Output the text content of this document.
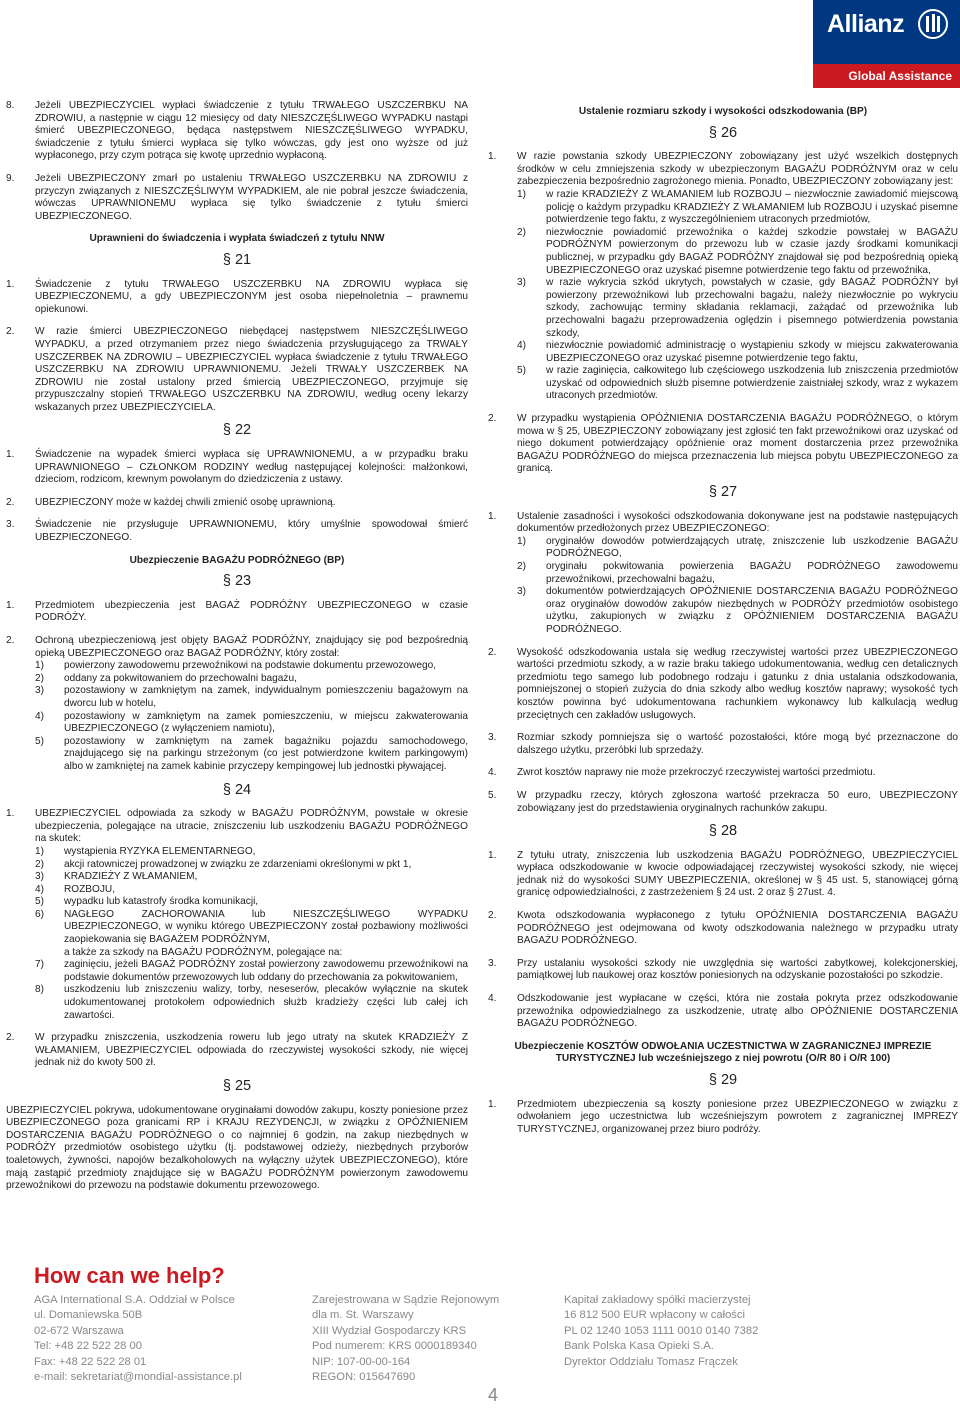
Allianz
Global Assistance
8.	Jeżeli UBEZPIECZYCIEL wypłaci świadczenie z tytułu TRWAŁEGO USZCZERBKU NA ZDROWIU, a następnie w ciągu 12 miesięcy od daty NIESZCZĘŚLIWEGO WYPADKU nastąpi śmierć UBEZPIECZONEGO, będąca następstwem NIESZCZĘŚLIWEGO WYPADKU, świadczenie z tytułu śmierci wypłaca się tylko wówczas, gdy jest ono wyższe od już wypłaconego, przy czym potrąca się kwotę uprzednio wypłaconą.
9.	Jeżeli UBEZPIECZONY zmarł po ustaleniu TRWAŁEGO USZCZERBKU NA ZDROWIU z przyczyn związanych z NIESZCZĘŚLIWYM WYPADKIEM, ale nie pobrał jeszcze świadczenia, wówczas UPRAWNIONEMU wypłaca się tylko świadczenie z tytułu śmierci UBEZPIECZONEGO.
Uprawnieni do świadczenia i wypłata świadczeń z tytułu NNW
§ 21
1.	Świadczenie z tytułu TRWAŁEGO USZCZERBKU NA ZDROWIU wypłaca się UBEZPIECZONEMU, a gdy UBEZPIECZONYM jest osoba niepełnoletnia – prawnemu opiekunowi.
2.	W razie śmierci UBEZPIECZONEGO niebędącej następstwem NIESZCZĘŚLIWEGO WYPADKU, a przed otrzymaniem przez niego świadczenia przysługującego za TRWAŁY USZCZERBEK NA ZDROWIU – UBEZPIECZYCIEL wypłaca świadczenie z tytułu TRWAŁEGO USZCZERBKU NA ZDROWIU UPRAWNIONEMU. Jeżeli TRWAŁY USZCZERBEK NA ZDROWIU nie został ustalony przed śmiercią UBEZPIECZONEGO, przyjmuje się przypuszczalny stopień TRWAŁEGO USZCZERBKU NA ZDROWIU, według oceny lekarzy wskazanych przez UBEZPIECZYCIELA.
§ 22
1.	Świadczenie na wypadek śmierci wypłaca się UPRAWNIONEMU, a w przypadku braku UPRAWNIONEGO – CZŁONKOM RODZINY według następującej kolejności: małżonkowi, dzieciom, rodzicom, krewnym powołanym do dziedziczenia z ustawy.
2.	UBEZPIECZONY może w każdej chwili zmienić osobę uprawnioną.
3.	Świadczenie nie przysługuje UPRAWNIONEMU, który umyślnie spowodował śmierć UBEZPIECZONEGO.
Ubezpieczenie BAGAŻU PODRÓŻNEGO (BP)
§ 23
1.	Przedmiotem ubezpieczenia jest BAGAŻ PODRÓŻNY UBEZPIECZONEGO w czasie PODRÓŻY.
2.	Ochroną ubezpieczeniową jest objęty BAGAŻ PODRÓŻNY, znajdujący się pod bezpośrednią opieką UBEZPIECZONEGO oraz BAGAŻ PODRÓŻNY, który został:

1)	powierzony zawodowemu przewoźnikowi na podstawie dokumentu przewozowego,
2)	oddany za pokwitowaniem do przechowalni bagażu,
3)	pozostawiony w zamkniętym na zamek, indywidualnym pomieszczeniu bagażowym na dworcu lub w hotelu,
4)	pozostawiony w zamkniętym na zamek pomieszczeniu, w miejscu zakwaterowania UBEZPIECZONEGO (z wyłączeniem namiotu),
5)	pozostawiony w zamkniętym na zamek bagażniku pojazdu samochodowego, znajdującego się na parkingu strzeżonym (co jest potwierdzone kwitem parkingowym) albo w zamkniętej na zamek kabinie przyczepy kempingowej lub jednostki pływającej.
§ 24
1.	UBEZPIECZYCIEL odpowiada za szkody w BAGAŻU PODRÓŻNYM, powstałe w okresie ubezpieczenia, polegające na utracie, zniszczeniu lub uszkodzeniu BAGAŻU PODRÓŻNEGO na skutek:

1)	wystąpienia RYZYKA ELEMENTARNEGO,
2)	akcji ratowniczej prowadzonej w związku ze zdarzeniami określonymi w pkt 1,
3)	KRADZIEŻY Z WŁAMANIEM,
4)	ROZBOJU,
5)	wypadku lub katastrofy środka komunikacji,
6)	NAGŁEGO ZACHOROWANIA lub NIESZCZĘŚLIWEGO WYPADKU UBEZPIECZONEGO, w wyniku którego UBEZPIECZONY został pozbawiony możliwości zaopiekowania się BAGAŻEM PODRÓŻNYM,
a także za szkody na BAGAŻU PODRÓŻNYM, polegające na:
7)	zaginięciu, jeżeli BAGAŻ PODRÓŻNY został powierzony zawodowemu przewoźnikowi na podstawie dokumentów przewozowych lub oddany do przechowania za pokwitowaniem,
8)	uszkodzeniu lub zniszczeniu walizy, torby, neseserów, plecaków wyłącznie na skutek udokumentowanej protokołem odpowiednich służb kradzieży części lub całej ich zawartości.
2.	W przypadku zniszczenia, uszkodzenia roweru lub jego utraty na skutek KRADZIEŻY Z WŁAMANIEM, UBEZPIECZYCIEL odpowiada do rzeczywistej wysokości szkody, nie więcej jednak niż do kwoty 500 zł.
§ 25
UBEZPIECZYCIEL pokrywa, udokumentowane oryginałami dowodów zakupu, koszty poniesione przez UBEZPIECZONEGO poza granicami RP i KRAJU REZYDENCJI, w związku z OPÓŹNIENIEM DOSTARCZENIA BAGAŻU PODRÓŻNEGO o co najmniej 6 godzin, na zakup niezbędnych w PODRÓŻY przedmiotów osobistego użytku (tj. podstawowej odzieży, niezbędnych przyborów toaletowych, żywności, napojów bezalkoholowych na wyłączny użytek UBEZPIECZONEGO), które mają zastąpić przedmioty znajdujące się w BAGAŻU PODRÓŻNYM powierzonym zawodowemu przewoźnikowi do przewozu na podstawie dokumentu przewozowego.
Ustalenie rozmiaru szkody i wysokości odszkodowania (BP)
§ 26
1.	W razie powstania szkody UBEZPIECZONY zobowiązany jest użyć wszelkich dostępnych środków w celu zmniejszenia szkody w ubezpieczonym BAGAŻU PODRÓŻNYM oraz w celu zabezpieczenia bezpośrednio zagrożonego mienia. Ponadto, UBEZPIECZONY zobowiązany jest:

1)	w razie KRADZIEŻY Z WŁAMANIEM lub ROZBOJU – niezwłocznie zawiadomić miejscową policję o każdym przypadku KRADZIEŻY Z WŁAMANIEM lub ROZBOJU i uzyskać pisemne potwierdzenie tego faktu, z wyszczególnieniem utraconych przedmiotów,
2)	niezwłocznie powiadomić przewoźnika o każdej szkodzie powstałej w BAGAŻU PODRÓŻNYM powierzonym do przewozu lub w czasie jazdy środkami komunikacji publicznej, w przypadku gdy BAGAŻ PODRÓŻNY znajdował się pod bezpośrednią opieką UBEZPIECZONEGO oraz uzyskać pisemne potwierdzenie tego faktu od przewoźnika,
3)	w razie wykrycia szkód ukrytych, powstałych w czasie, gdy BAGAŻ PODRÓŻNY był powierzony przewoźnikowi lub przechowalni bagażu, należy niezwłocznie po wykryciu szkody, zachowując terminy składania reklamacji, zażądać od przewoźnika lub przechowalni bagażu przeprowadzenia oględzin i pisemnego potwierdzenia powstania szkody,
4)	niezwłocznie powiadomić administrację o wystąpieniu szkody w miejscu zakwaterowania UBEZPIECZONEGO oraz uzyskać pisemne potwierdzenie tego faktu,
5)	w razie zaginięcia, całkowitego lub częściowego uszkodzenia lub zniszczenia przedmiotów uzyskać od odpowiednich służb pisemne potwierdzenie zaistniałej szkody, wraz z wykazem utraconych przedmiotów.
2.	W przypadku wystąpienia OPÓŹNIENIA DOSTARCZENIA BAGAŻU PODRÓŻNEGO, o którym mowa w § 25, UBEZPIECZONY zobowiązany jest zgłosić ten fakt przewoźnikowi oraz uzyskać od niego dokument potwierdzający opóźnienie oraz moment dostarczenia przez przewoźnika BAGAŻU PODRÓŻNEGO do miejsca przeznaczenia lub miejsca pobytu UBEZPIECZONEGO za granicą.
§ 27
1.	Ustalenie zasadności i wysokości odszkodowania dokonywane jest na podstawie następujących dokumentów przedłożonych przez UBEZPIECZONEGO:

1)	oryginałów dowodów potwierdzających utratę, zniszczenie lub uszkodzenie BAGAŻU PODRÓŻNEGO,
2)	oryginału pokwitowania powierzenia BAGAŻU PODRÓŻNEGO zawodowemu przewoźnikowi, przechowalni bagażu,
3)	dokumentów potwierdzających OPÓŹNIENIE DOSTARCZENIA BAGAŻU PODRÓŻNEGO oraz oryginałów dowodów zakupów niezbędnych w PODRÓŻY przedmiotów osobistego użytku, zakupionych w związku z OPÓŹNIENIEM DOSTARCZENIA BAGAŻU PODRÓŻNEGO.
2.	Wysokość odszkodowania ustala się według rzeczywistej wartości przez UBEZPIECZONEGO wartości przedmiotu szkody, a w razie braku takiego udokumentowania, według cen detalicznych przedmiotu tego samego lub podobnego rodzaju i gatunku z dnia ustalania odszkodowania, pomniejszonej o stopień zużycia do dnia szkody albo według kosztów naprawy; wysokość tych kosztów powinna być udokumentowana rachunkiem wykonawcy lub kalkulacją według przeciętnych cen zakładów usługowych.
3.	Rozmiar szkody pomniejsza się o wartość pozostałości, które mogą być przeznaczone do dalszego użytku, przeróbki lub sprzedaży.
4.	Zwrot kosztów naprawy nie może przekroczyć rzeczywistej wartości przedmiotu.
5.	W przypadku rzeczy, których zgłoszona wartość przekracza 50 euro, UBEZPIECZONY zobowiązany jest do przedstawienia oryginalnych rachunków zakupu.
§ 28
1.	Z tytułu utraty, zniszczenia lub uszkodzenia BAGAŻU PODRÓŻNEGO, UBEZPIECZYCIEL wypłaca odszkodowanie w kwocie odpowiadającej rzeczywistej wysokości szkody, nie więcej jednak niż do wysokości SUMY UBEZPIECZENIA, określonej w § 45 ust. 5, stanowiącej górną granicę odpowiedzialności, z zastrzeżeniem § 24 ust. 2 oraz § 27ust. 4.
2.	Kwota odszkodowania wypłaconego z tytułu OPÓŹNIENIA DOSTARCZENIA BAGAŻU PODRÓŻNEGO jest odejmowana od kwoty odszkodowania należnego w przypadku utraty BAGAŻU PODRÓŻNEGO.
3.	Przy ustalaniu wysokości szkody nie uwzględnia się wartości zabytkowej, kolekcjonerskiej, pamiątkowej lub naukowej oraz kosztów poniesionych na odzyskanie pozostałości po szkodzie.
4.	Odszkodowanie jest wypłacane w części, która nie została pokryta przez odszkodowanie przewoźnika odpowiedzialnego za uszkodzenie, utratę albo OPÓŹNIENIE DOSTARCZENIA BAGAŻU PODRÓŻNEGO.
Ubezpieczenie KOSZTÓW ODWOŁANIA UCZESTNICTWA W ZAGRANICZNEJ IMPREZIE TURYSTYCZNEJ lub wcześniejszego z niej powrotu (O/R 80 i O/R 100)
§ 29
1.	Przedmiotem ubezpieczenia są koszty poniesione przez UBEZPIECZONEGO w związku z odwołaniem jego uczestnictwa lub wcześniejszym powrotem z zagranicznej IMPREZY TURYSTYCZNEJ, organizowanej przez biuro podróży.
How can we help?
AGA International S.A. Oddział w Polsce
ul. Domaniewska 50B
02-672 Warszawa
Tel: +48 22 522 28 00
Fax: +48 22 522 28 01
e-mail: sekretariat@mondial-assistance.pl
Zarejestrowana w Sądzie Rejonowym
dla m. St. Warszawy
XIII Wydział Gospodarczy KRS
Pod numerem: KRS 0000189340
NIP: 107-00-00-164
REGON: 015647690
Kapitał zakładowy spółki macierzystej
16 812 500 EUR wpłacony w całości
PL 02 1240 1053 1111 0010 0140 7382
Bank Polska Kasa Opieki S.A.
Dyrektor Oddziału Tomasz Frączek
4
